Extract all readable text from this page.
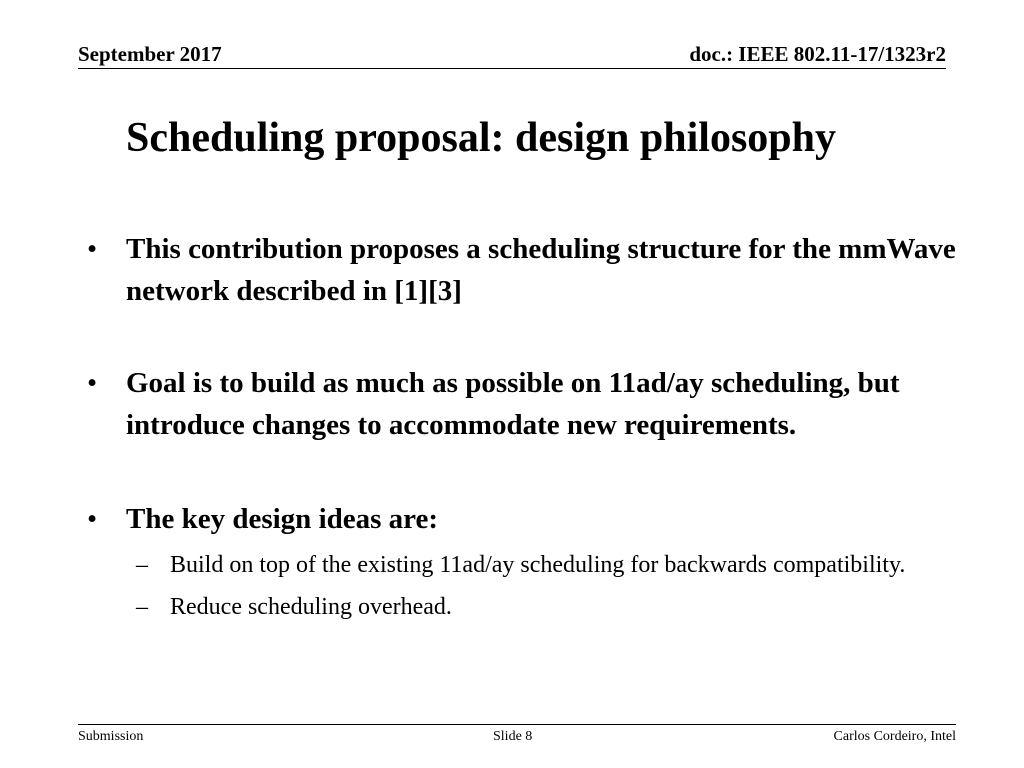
September 2017	doc.: IEEE 802.11-17/1323r2
Scheduling proposal: design philosophy
• This contribution proposes a scheduling structure for the mmWave network described in [1][3]
• Goal is to build as much as possible on 11ad/ay scheduling, but introduce changes to accommodate new requirements.
• The key design ideas are:
– Build on top of the existing 11ad/ay scheduling for backwards compatibility.
– Reduce scheduling overhead.
Submission	Slide 8	Carlos Cordeiro, Intel
